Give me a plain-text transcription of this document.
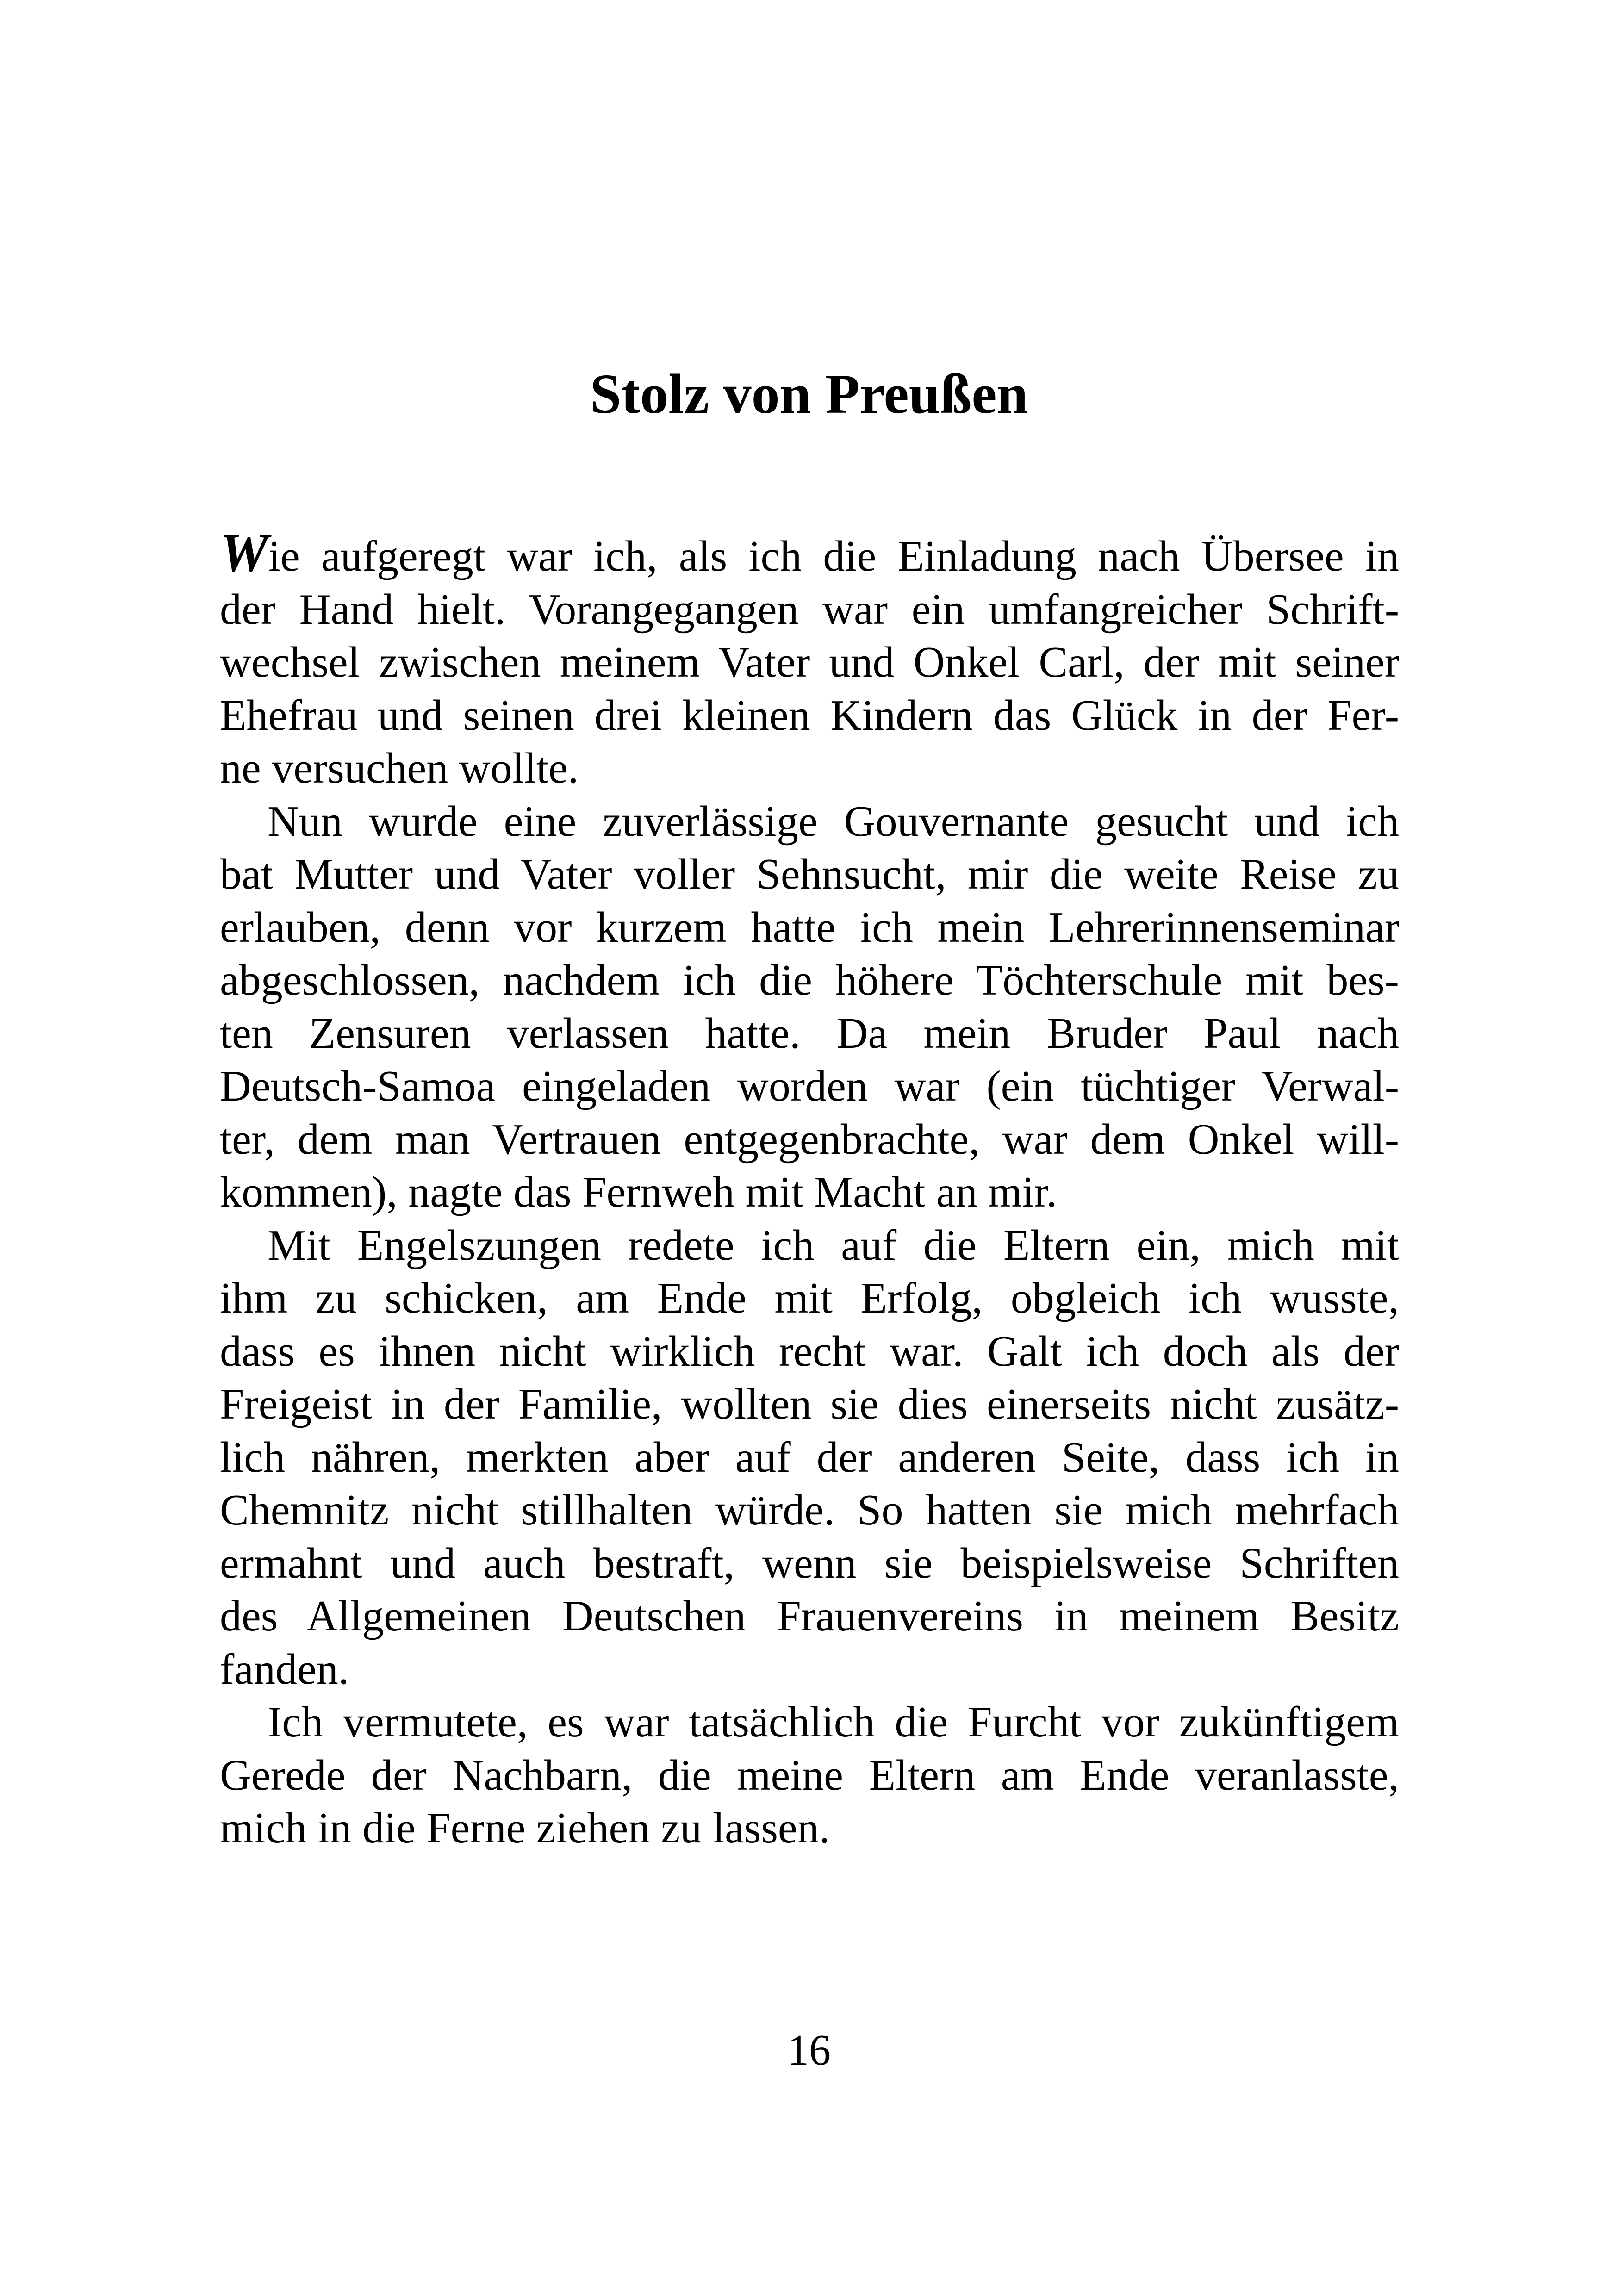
Stolz von Preußen

Wie aufgeregt war ich, als ich die Einladung nach Übersee in
der Hand hielt. Vorangegangen war ein umfangreicher Schrift-
wechsel zwischen meinem Vater und Onkel Carl, der mit seiner
Ehefrau und seinen drei kleinen Kindern das Glück in der Fer-
ne versuchen wollte.

Nun wurde eine zuverlässige Gouvernante gesucht und ich
bat Mutter und Vater voller Sehnsucht, mir die weite Reise zu
erlauben, denn vor kurzem hatte ich mein Lehrerinnenseminar
abgeschlossen, nachdem ich die höhere Töchterschule mit bes-
ten Zensuren verlassen hatte. Da mein Bruder Paul nach
Deutsch-Samoa eingeladen worden war (ein tüchtiger Verwal-
ter, dem man Vertrauen entgegenbrachte, war dem Onkel will-
kommen), nagte das Fernweh mit Macht an mir.

Mit Engelszungen redete ich auf die Eltern ein, mich mit
ihm zu schicken, am Ende mit Erfolg, obgleich ich wusste,
dass es ihnen nicht wirklich recht war. Galt ich doch als der
Freigeist in der Familie, wollten sie dies einerseits nicht zusätz-
lich nähren, merkten aber auf der anderen Seite, dass ich in
Chemnitz nicht stillhalten würde. So hatten sie mich mehrfach
ermahnt und auch bestraft, wenn sie beispielsweise Schriften
des Allgemeinen Deutschen Frauenvereins in meinem Besitz
fanden.

Ich vermutete, es war tatsächlich die Furcht vor zukünftigem
Gerede der Nachbarn, die meine Eltern am Ende veranlasste,
mich in die Ferne ziehen zu lassen.

16
